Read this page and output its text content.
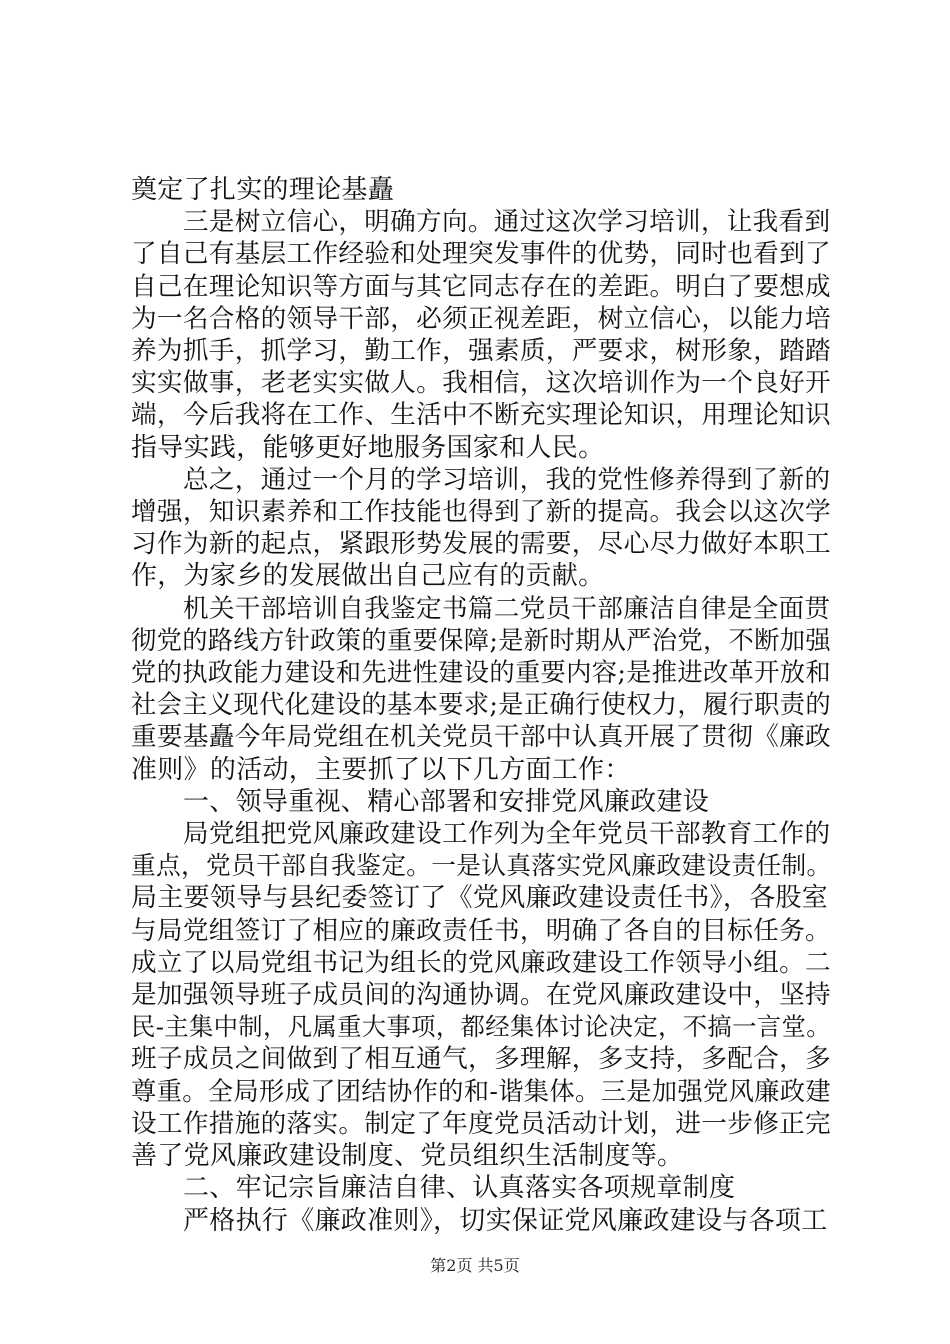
奠定了扎实的理论基矗

三是树立信心，明确方向。通过这次学习培训，让我看到

了自己有基层工作经验和处理突发事件的优势，同时也看到了

自己在理论知识等方面与其它同志存在的差距。明白了要想成

为一名合格的领导干部，必须正视差距，树立信心，以能力培

养为抓手，抓学习，勤工作，强素质，严要求，树形象，踏踏

实实做事，老老实实做人。我相信，这次培训作为一个良好开

端，今后我将在工作、生活中不断充实理论知识，用理论知识

指导实践，能够更好地服务国家和人民。

总之，通过一个月的学习培训，我的党性修养得到了新的

增强，知识素养和工作技能也得到了新的提高。我会以这次学

习作为新的起点，紧跟形势发展的需要，尽心尽力做好本职工

作，为家乡的发展做出自己应有的贡献。

机关干部培训自我鉴定书篇二党员干部廉洁自律是全面贯

彻党的路线方针政策的重要保障;是新时期从严治党，不断加强

党的执政能力建设和先进性建设的重要内容;是推进改革开放和

社会主义现代化建设的基本要求;是正确行使权力，履行职责的

重要基矗今年局党组在机关党员干部中认真开展了贯彻《廉政

准则》的活动，主要抓了以下几方面工作：

一、领导重视、精心部署和安排党风廉政建设

局党组把党风廉政建设工作列为全年党员干部教育工作的

重点，党员干部自我鉴定。一是认真落实党风廉政建设责任制。

局主要领导与县纪委签订了《党风廉政建设责任书》，各股室

与局党组签订了相应的廉政责任书，明确了各自的目标任务。

成立了以局党组书记为组长的党风廉政建设工作领导小组。二

是加强领导班子成员间的沟通协调。在党风廉政建设中，坚持

民-主集中制，凡属重大事项，都经集体讨论决定，不搞一言堂。

班子成员之间做到了相互通气，多理解，多支持，多配合，多

尊重。全局形成了团结协作的和-谐集体。三是加强党风廉政建

设工作措施的落实。制定了年度党员活动计划，进一步修正完

善了党风廉政建设制度、党员组织生活制度等。

二、牢记宗旨廉洁自律、认真落实各项规章制度

严格执行《廉政准则》，切实保证党风廉政建设与各项工

第2页 共5页
